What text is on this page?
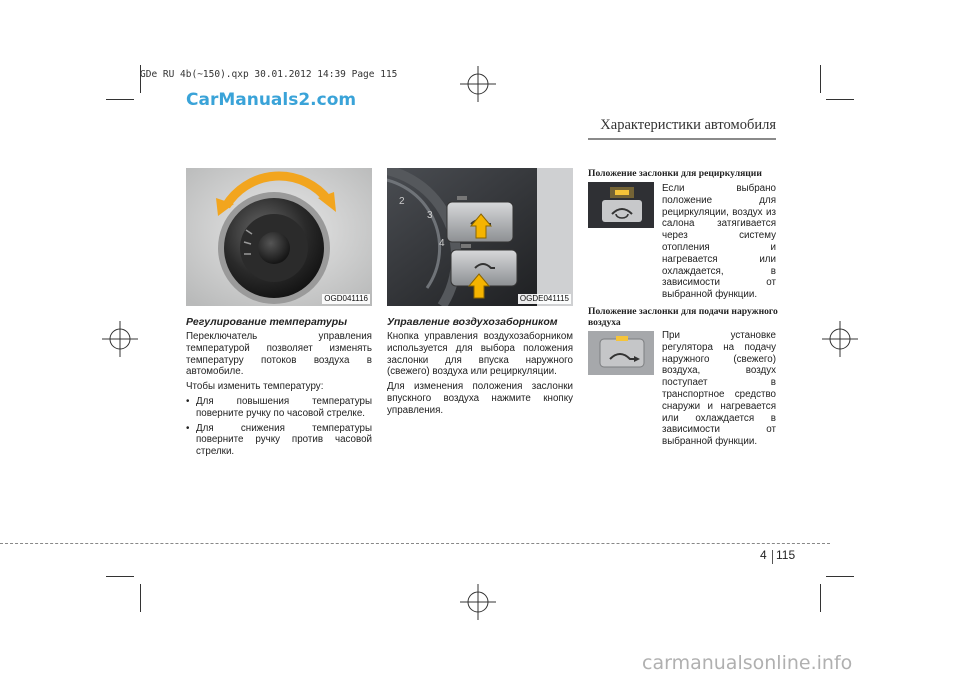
GDe RU 4b(~150).qxp 30.01.2012 14:39 Page 115
CarManuals2.com
Характеристики автомобиля
OGD041116
Регулирование температуры

Переключатель управления температурой позволяет изменять температуру потоков воздуха в автомобиле.

Чтобы изменить температуру:

• Для повышения температуры поверните ручку по часовой стрелке.
• Для снижения температуры поверните ручку против часовой стрелки.
2
3
4
OGDE041115
Управление воздухозаборником

Кнопка управления воздухозаборником используется для выбора положения заслонки для впуска наружного (свежего) воздуха или рециркуляции.

Для изменения положения заслонки впускного воздуха нажмите кнопку управления.

Положение заслонки для рециркуляции
Если выбрано положение для рециркуляции, воздух из салона затягивается через систему отопления и нагревается или охлаждается, в зависимости от выбранной функции.
Положение заслонки для подачи наружного воздуха
При установке регулятора на подачу наружного (свежего) воздуха, воздух поступает в транспортное средство снаружи и нагревается или охлаждается в зависимости от выбранной функции.
4 115
carmanualsonline.info
